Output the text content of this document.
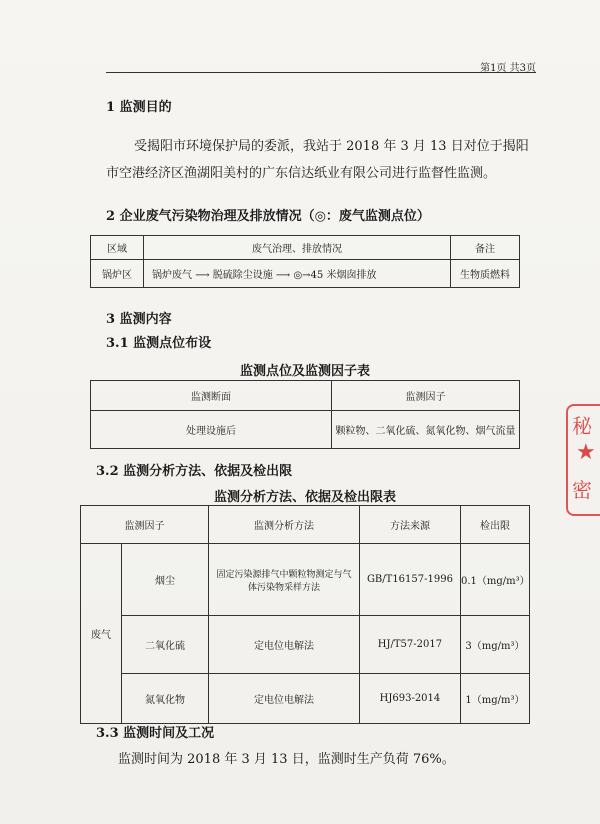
第1页 共3页
1 监测目的
受揭阳市环境保护局的委派，我站于 2018 年 3 月 13 日对位于揭阳
市空港经济区渔湖阳美村的广东信达纸业有限公司进行监督性监测。
2 企业废气污染物治理及排放情况（◎：废气监测点位）
区域	废气治理、排放情况	备注
锅炉区	锅炉废气 ⟶ 脱硫除尘设施 ⟶ ◎→45 米烟囱排放	生物质燃料
3 监测内容
3.1 监测点位布设
监测点位及监测因子表
监测断面	监测因子
处理设施后	颗粒物、二氧化硫、氮氧化物、烟气流量
3.2 监测分析方法、依据及检出限
监测分析方法、依据及检出限表
监测因子		监测分析方法	方法来源	检出限
废气	烟尘	固定污染源排气中颗粒物测定与气体污染物采样方法	GB/T16157-1996	0.1（mg/m³）
	二氧化硫	定电位电解法	HJ/T57-2017	3（mg/m³）
	氮氧化物	定电位电解法	HJ693-2014	1（mg/m³）
3.3 监测时间及工况
监测时间为 2018 年 3 月 13 日，监测时生产负荷 76%。
秘
★
密
